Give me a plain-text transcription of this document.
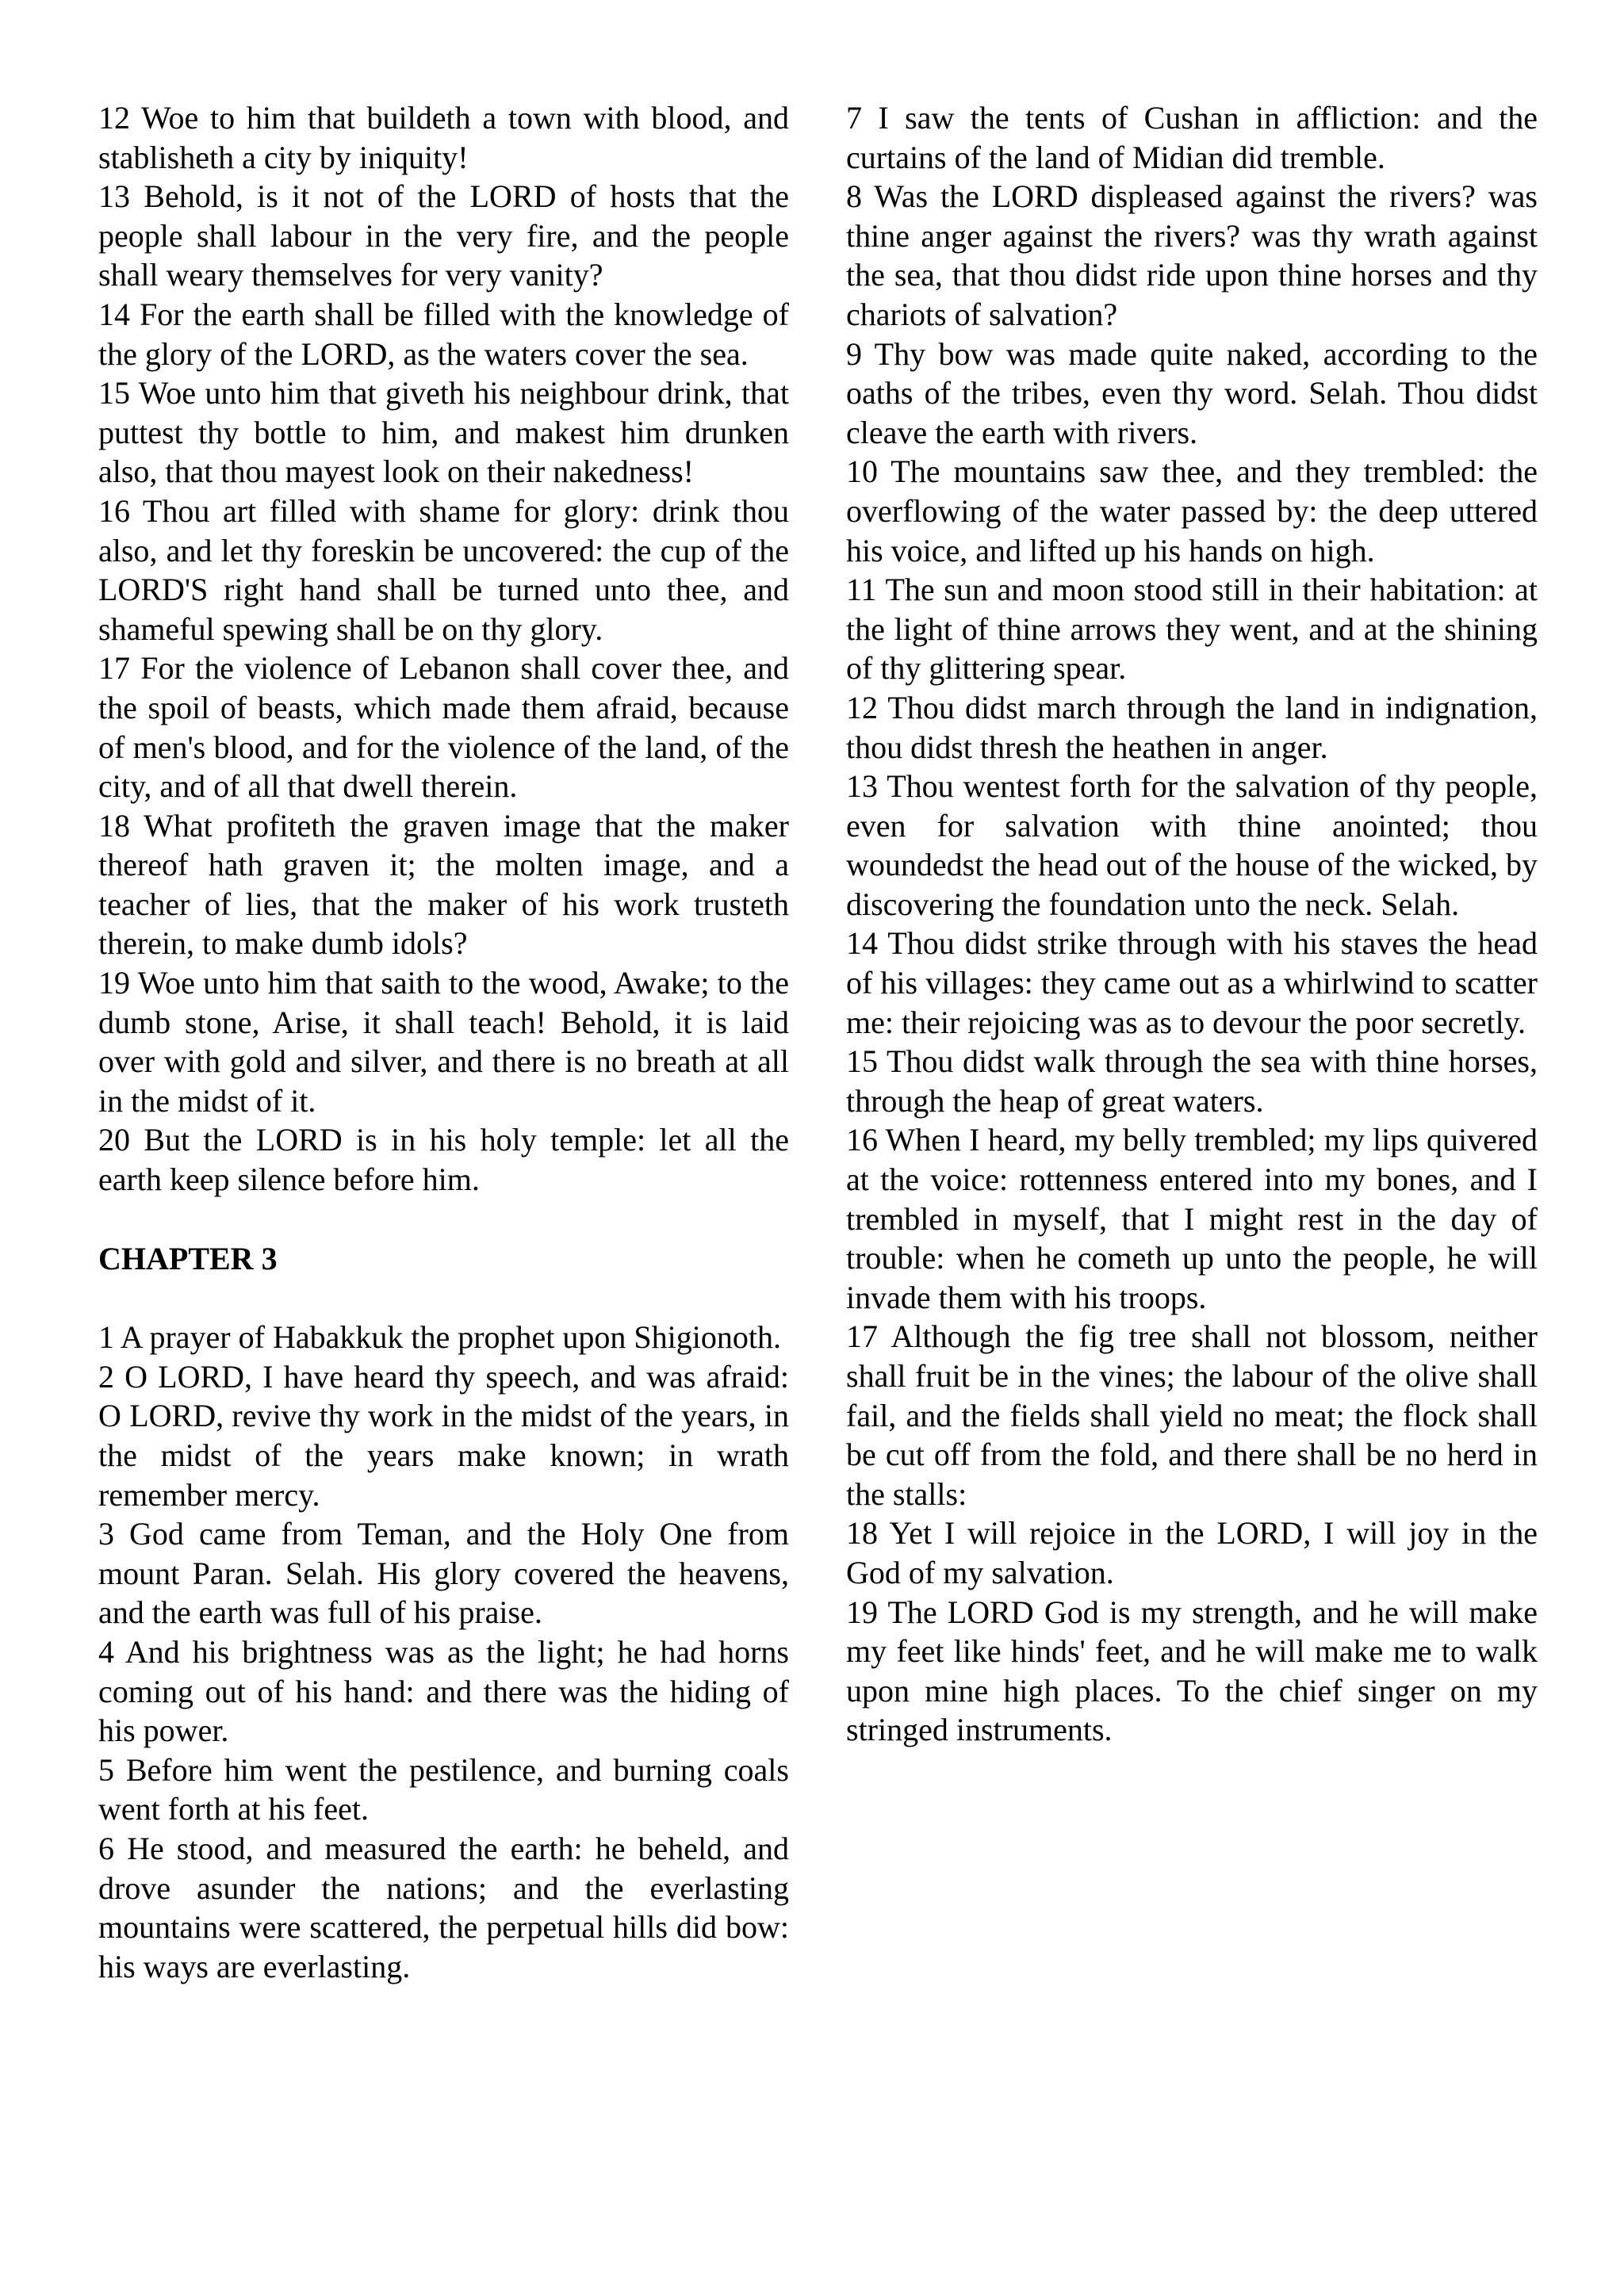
12 Woe to him that buildeth a town with blood, and stablisheth a city by iniquity!

13 Behold, is it not of the LORD of hosts that the people shall labour in the very fire, and the people shall weary themselves for very vanity?

14 For the earth shall be filled with the knowledge of the glory of the LORD, as the waters cover the sea.

15 Woe unto him that giveth his neighbour drink, that puttest thy bottle to him, and makest him drunken also, that thou mayest look on their nakedness!

16 Thou art filled with shame for glory: drink thou also, and let thy foreskin be uncovered: the cup of the LORD'S right hand shall be turned unto thee, and shameful spewing shall be on thy glory.

17 For the violence of Lebanon shall cover thee, and the spoil of beasts, which made them afraid, because of men's blood, and for the violence of the land, of the city, and of all that dwell therein.

18 What profiteth the graven image that the maker thereof hath graven it; the molten image, and a teacher of lies, that the maker of his work trusteth therein, to make dumb idols?

19 Woe unto him that saith to the wood, Awake; to the dumb stone, Arise, it shall teach! Behold, it is laid over with gold and silver, and there is no breath at all in the midst of it.

20 But the LORD is in his holy temple: let all the earth keep silence before him.

CHAPTER 3

1 A prayer of Habakkuk the prophet upon Shigionoth.

2 O LORD, I have heard thy speech, and was afraid: O LORD, revive thy work in the midst of the years, in the midst of the years make known; in wrath remember mercy.

3 God came from Teman, and the Holy One from mount Paran. Selah. His glory covered the heavens, and the earth was full of his praise.

4 And his brightness was as the light; he had horns coming out of his hand: and there was the hiding of his power.

5 Before him went the pestilence, and burning coals went forth at his feet.

6 He stood, and measured the earth: he beheld, and drove asunder the nations; and the everlasting mountains were scattered, the perpetual hills did bow: his ways are everlasting.

7 I saw the tents of Cushan in affliction: and the curtains of the land of Midian did tremble.

8 Was the LORD displeased against the rivers? was thine anger against the rivers? was thy wrath against the sea, that thou didst ride upon thine horses and thy chariots of salvation?

9 Thy bow was made quite naked, according to the oaths of the tribes, even thy word. Selah. Thou didst cleave the earth with rivers.

10 The mountains saw thee, and they trembled: the overflowing of the water passed by: the deep uttered his voice, and lifted up his hands on high.

11 The sun and moon stood still in their habitation: at the light of thine arrows they went, and at the shining of thy glittering spear.

12 Thou didst march through the land in indignation, thou didst thresh the heathen in anger.

13 Thou wentest forth for the salvation of thy people, even for salvation with thine anointed; thou woundedst the head out of the house of the wicked, by discovering the foundation unto the neck. Selah.

14 Thou didst strike through with his staves the head of his villages: they came out as a whirlwind to scatter me: their rejoicing was as to devour the poor secretly.

15 Thou didst walk through the sea with thine horses, through the heap of great waters.

16 When I heard, my belly trembled; my lips quivered at the voice: rottenness entered into my bones, and I trembled in myself, that I might rest in the day of trouble: when he cometh up unto the people, he will invade them with his troops.

17 Although the fig tree shall not blossom, neither shall fruit be in the vines; the labour of the olive shall fail, and the fields shall yield no meat; the flock shall be cut off from the fold, and there shall be no herd in the stalls:

18 Yet I will rejoice in the LORD, I will joy in the God of my salvation.

19 The LORD God is my strength, and he will make my feet like hinds' feet, and he will make me to walk upon mine high places. To the chief singer on my stringed instruments.
